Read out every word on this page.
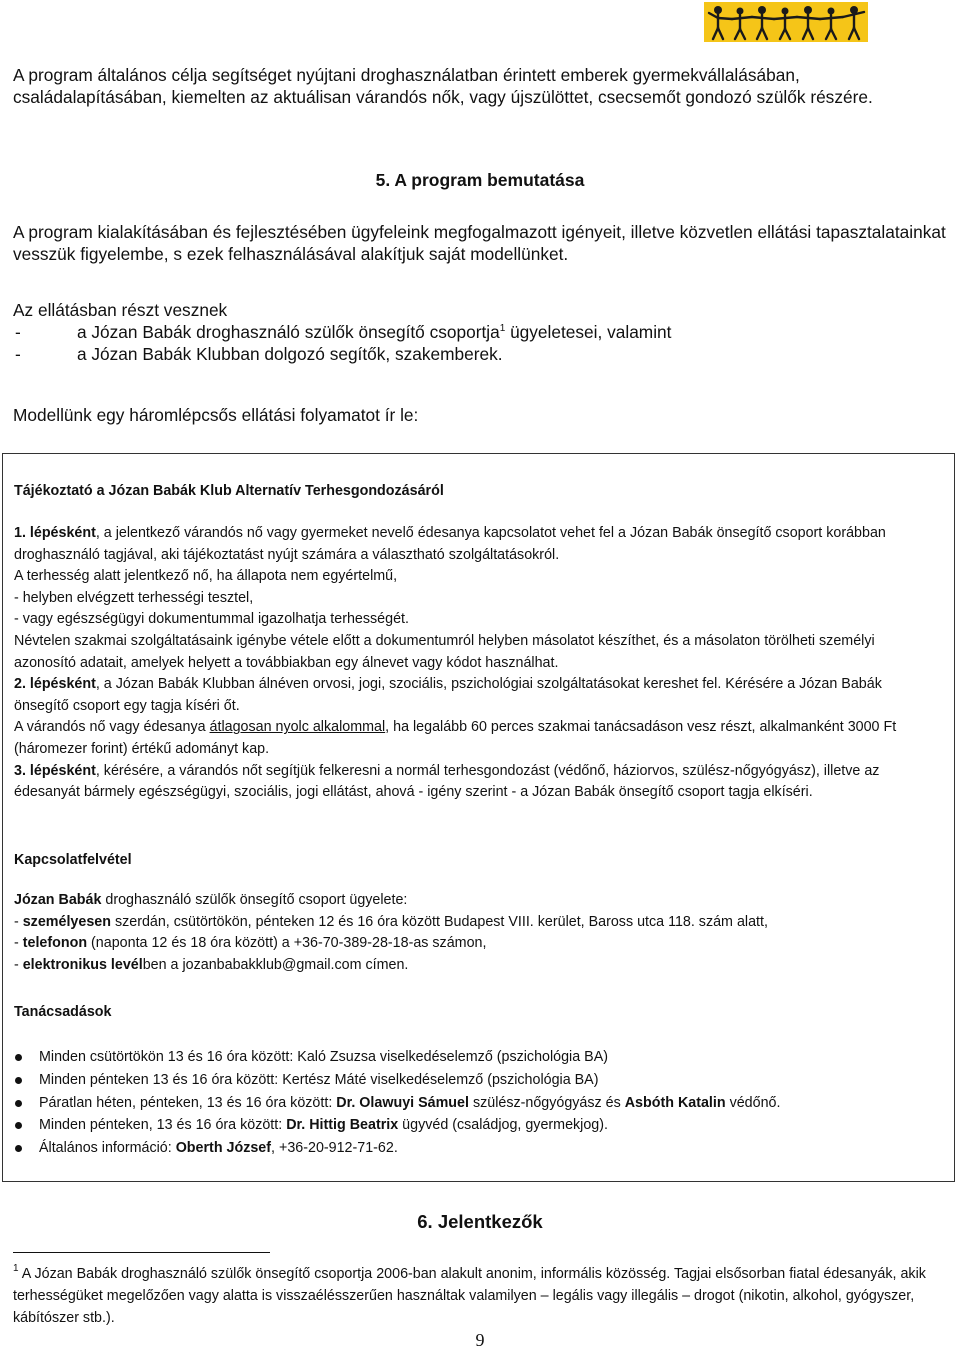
A program általános célja segítséget nyújtani droghasználatban érintett emberek gyermekvállalásában, családalapításában, kiemelten az aktuálisan várandós nők, vagy újszülöttet, csecsemőt gondozó szülők részére.
5. A program bemutatása
A program kialakításában és fejlesztésében ügyfeleink megfogalmazott igényeit, illetve közvetlen ellátási tapasztalatainkat vesszük figyelembe, s ezek felhasználásával alakítjuk saját modellünket.
Az ellátásban részt vesznek
-	a Józan Babák droghasználó szülők önsegítő csoportja$^1$ ügyeletesei, valamint
-	a Józan Babák Klubban dolgozó segítők, szakemberek.
Modellünk egy háromlépcsős ellátási folyamatot ír le:
Tájékoztató a Józan Babák Klub Alternatív Terhesgondozásáról
1. lépésként, a jelentkező várandós nő vagy gyermeket nevelő édesanya kapcsolatot vehet fel a Józan Babák önsegítő csoport korábban droghasználó tagjával, aki tájékoztatást nyújt számára a választható szolgáltatásokról.
A terhesség alatt jelentkező nő, ha állapota nem egyértelmű,
- helyben elvégzett terhességi tesztel,
- vagy egészségügyi dokumentummal igazolhatja terhességét.
Névtelen szakmai szolgáltatásaink igénybe vétele előtt a dokumentumról helyben másolatot készíthet, és a másolaton törölheti személyi azonosító adatait, amelyek helyett a továbbiakban egy álnevet vagy kódot használhat.
2. lépésként, a Józan Babák Klubban álnéven orvosi, jogi, szociális, pszichológiai szolgáltatásokat kereshet fel. Kérésére a Józan Babák önsegítő csoport egy tagja kíséri őt.
A várandós nő vagy édesanya átlagosan nyolc alkalommal, ha legalább 60 perces szakmai tanácsadáson vesz részt, alkalmanként 3000 Ft (háromezer forint) értékű adományt kap.
3. lépésként, kérésére, a várandós nőt segítjük felkeresni a normál terhesgondozást (védőnő, háziorvos, szülész-nőgyógyász), illetve az édesanyát bármely egészségügyi, szociális, jogi ellátást, ahová - igény szerint - a Józan Babák önsegítő csoport tagja elkíséri.
Kapcsolatfelvétel
Józan Babák droghasználó szülők önsegítő csoport ügyelete:
- személyesen szerdán, csütörtökön, pénteken 12 és 16 óra között Budapest VIII. kerület, Baross utca 118. szám alatt,
- telefonon (naponta 12 és 18 óra között) a +36-70-389-28-18-as számon,
- elektronikus levélben a jozanbabakklub@gmail.com címen.
Tanácsadások
Minden csütörtökön 13 és 16 óra között: Kaló Zsuzsa viselkedéselemző (pszichológia BA)
Minden pénteken 13 és 16 óra között: Kertész Máté viselkedéselemző (pszichológia BA)
Páratlan héten, pénteken, 13 és 16 óra között: Dr. Olawuyi Sámuel szülész-nőgyógyász és Asbóth Katalin védőnő.
Minden pénteken, 13 és 16 óra között: Dr. Hittig Beatrix ügyvéd (családjog, gyermekjog).
Általános információ: Oberth József, +36-20-912-71-62.
6. Jelentkezők
$^1$ A Józan Babák droghasználó szülők önsegítő csoportja 2006-ban alakult anonim, informális közösség. Tagjai elsősorban fiatal édesanyák, akik terhességüket megelőzően vagy alatta is visszaélésszerűen használtak valamilyen – legális vagy illegális – drogot (nikotin, alkohol, gyógyszer, kábítószer stb.).
9
